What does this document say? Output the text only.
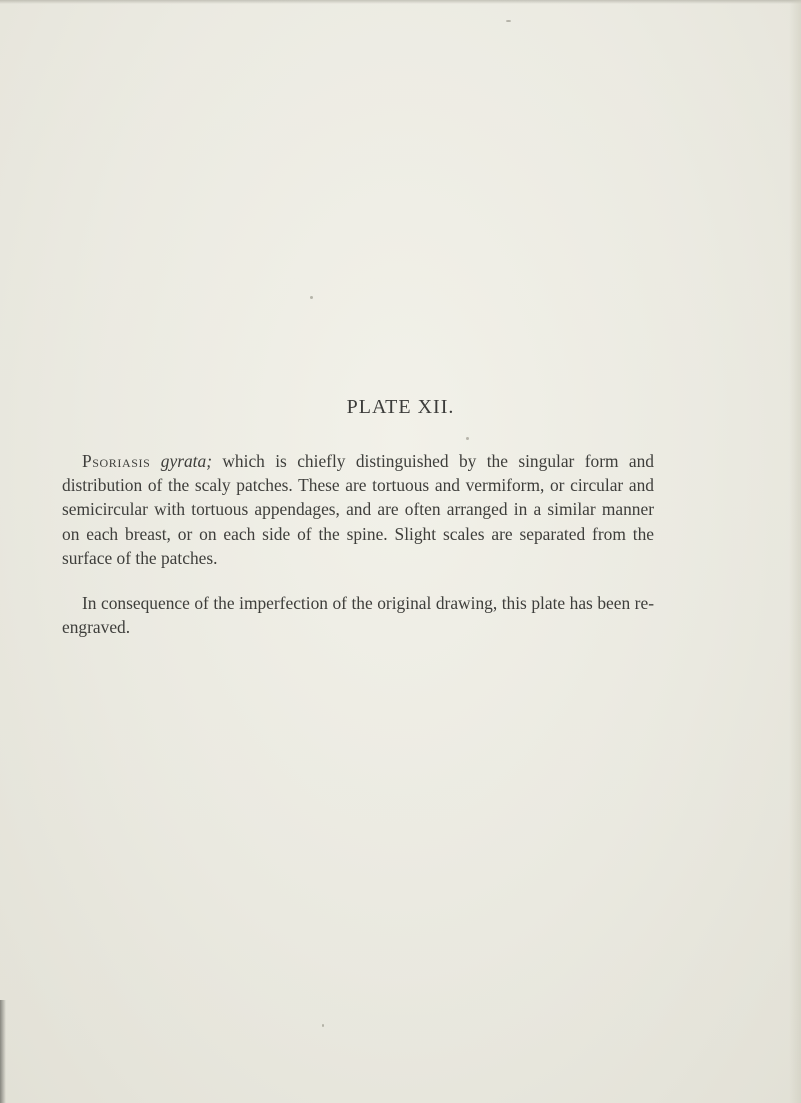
PLATE XII.

Psoriasis gyrata; which is chiefly distinguished by the singular form and distribution of the scaly patches. These are tortuous and vermiform, or circular and semicircular with tortuous appendages, and are often arranged in a similar manner on each breast, or on each side of the spine. Slight scales are separated from the surface of the patches.

In consequence of the imperfection of the original drawing, this plate has been re-engraved.
